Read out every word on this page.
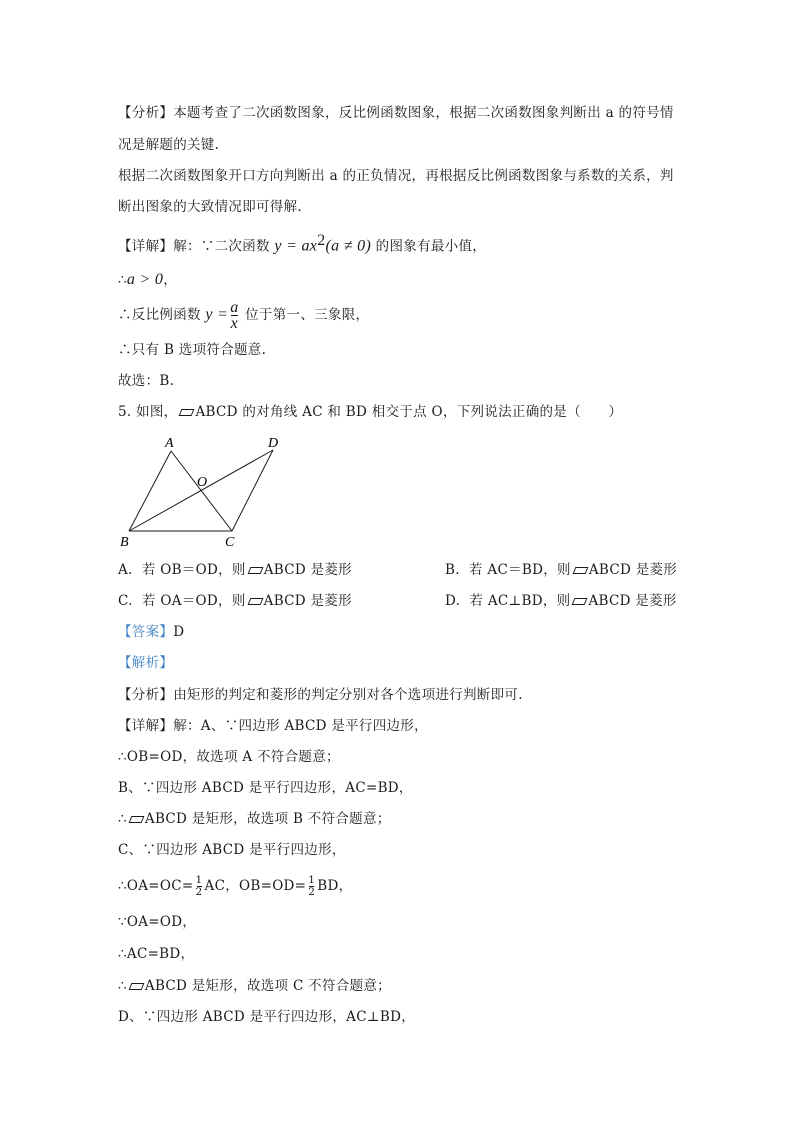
【分析】本题考查了二次函数图象，反比例函数图象，根据二次函数图象判断出 a 的符号情
况是解题的关键.
根据二次函数图象开口方向判断出 a 的正负情况，再根据反比例函数图象与系数的关系，判
断出图象的大致情况即可得解.
【详解】解：∵二次函数 $y = ax^2(a \ne 0)$ 的图象有最小值，
∴a > 0，
∴反比例函数 $y = \frac{a}{x}$ 位于第一、三象限，
∴只有 B 选项符合题意.
故选：B.
5. 如图， ABCD 的对角线 AC 和 BD 相交于点 O，下列说法正确的是（　　）
A	D
O
B	C
A. 若 OB＝OD，则 ABCD 是菱形	B. 若 AC＝BD，则 ABCD 是菱形
C. 若 OA＝OD，则 ABCD 是菱形	D. 若 AC⊥BD，则 ABCD 是菱形
【答案】D
【解析】
【分析】由矩形的判定和菱形的判定分别对各个选项进行判断即可.
【详解】解：A、∵四边形 ABCD 是平行四边形，
∴OB=OD，故选项 A 不符合题意；
B、∵四边形 ABCD 是平行四边形，AC=BD，
∴ ABCD 是矩形，故选项 B 不符合题意；
C、∵四边形 ABCD 是平行四边形，
∴OA=OC= $\frac{1}{2}$ AC，$OB=OD= \frac{1}{2}$ BD，
∵OA=OD，
∴AC=BD，
∴ ABCD 是矩形，故选项 C 不符合题意；
D、∵四边形 ABCD 是平行四边形，AC⊥BD，
